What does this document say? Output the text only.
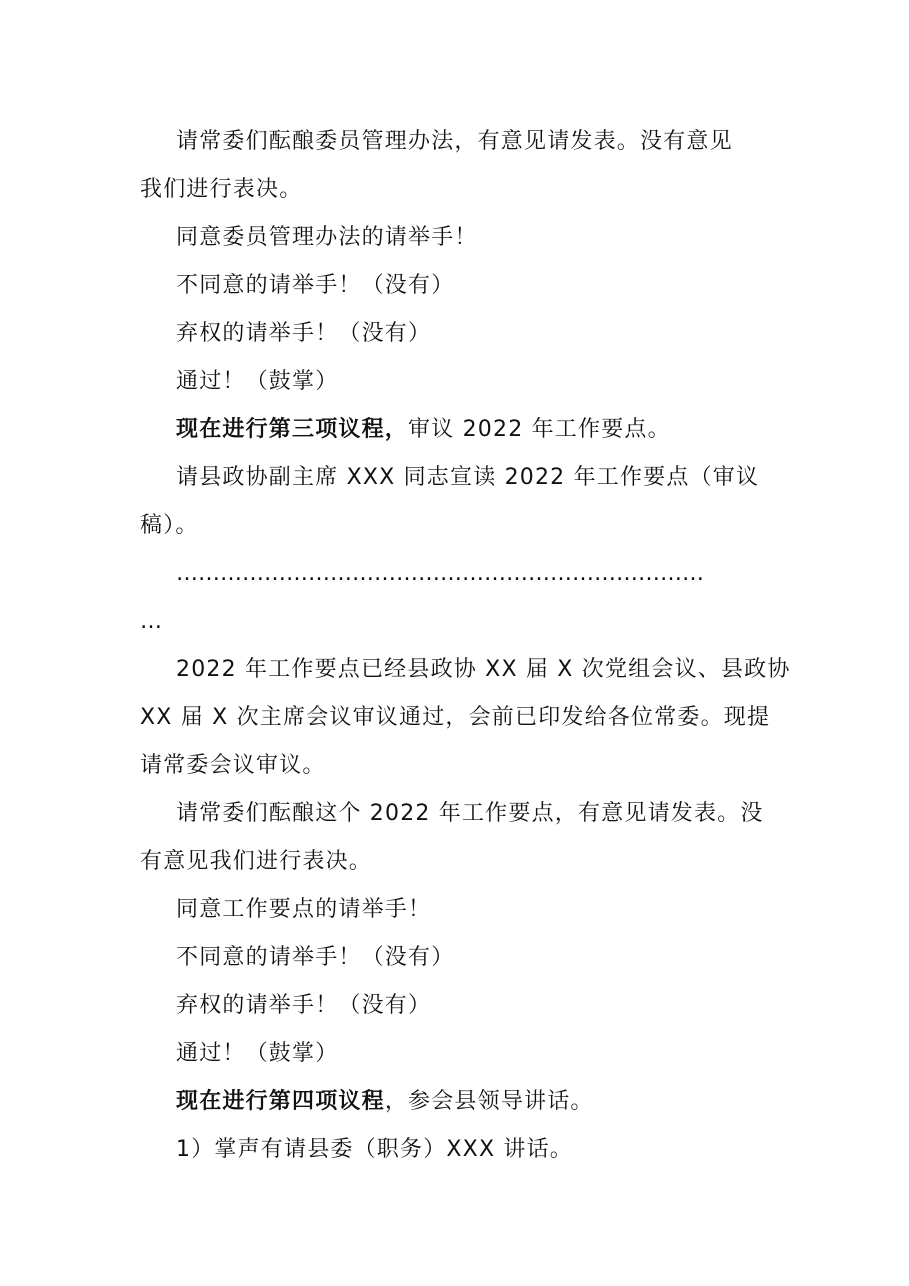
请常委们酝酿委员管理办法，有意见请发表。没有意见
我们进行表决。
同意委员管理办法的请举手！
不同意的请举手！（没有）
弃权的请举手！（没有）
通过！（鼓掌）
现在进行第三项议程，审议 2022 年工作要点。
请县政协副主席 XXX 同志宣读 2022 年工作要点（审议
稿）。
………………………………………………………………
…
2022 年工作要点已经县政协 XX 届 X 次党组会议、县政协
XX 届 X 次主席会议审议通过，会前已印发给各位常委。现提
请常委会议审议。
请常委们酝酿这个 2022 年工作要点，有意见请发表。没
有意见我们进行表决。
同意工作要点的请举手！
不同意的请举手！（没有）
弃权的请举手！（没有）
通过！（鼓掌）
现在进行第四项议程，参会县领导讲话。
1）掌声有请县委（职务）XXX 讲话。
